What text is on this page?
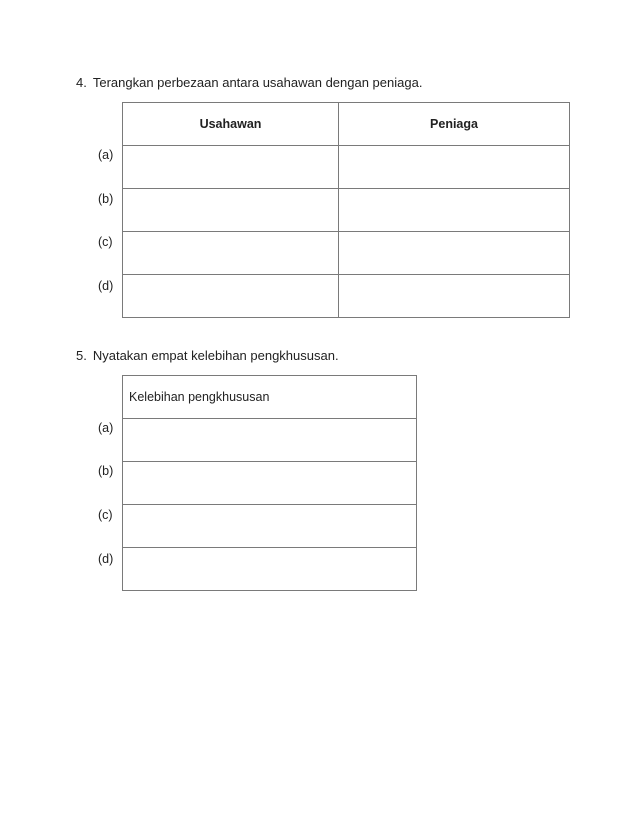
4. Terangkan perbezaan antara usahawan dengan peniaga.
Usahawan	Peniaga

(a)
(b)
(c)
(d)
5. Nyatakan empat kelebihan pengkhususan.
Kelebihan pengkhususan

(a)
(b)
(c)
(d)
